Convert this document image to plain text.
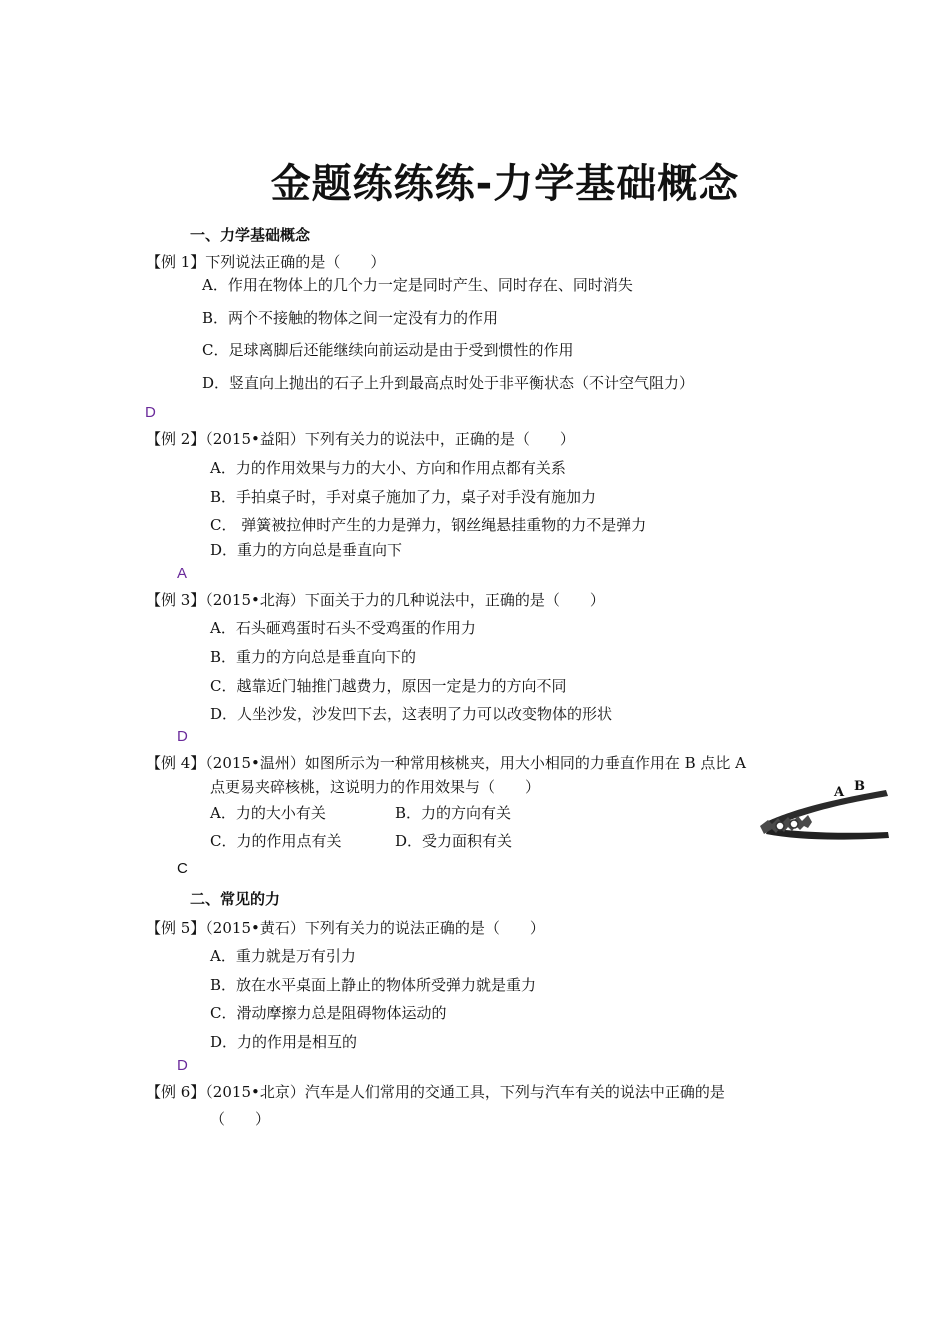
金题练练练-力学基础概念
一、力学基础概念
【例 1】下列说法正确的是（　　）
A．作用在物体上的几个力一定是同时产生、同时存在、同时消失
B．两个不接触的物体之间一定没有力的作用
C．足球离脚后还能继续向前运动是由于受到惯性的作用
D．竖直向上抛出的石子上升到最高点时处于非平衡状态（不计空气阻力）
D
【例 2】（2015•益阳）下列有关力的说法中，正确的是（　　）
A．力的作用效果与力的大小、方向和作用点都有关系
B．手拍桌子时，手对桌子施加了力，桌子对手没有施加力
C． 弹簧被拉伸时产生的力是弹力，钢丝绳悬挂重物的力不是弹力
D．重力的方向总是垂直向下
A
【例 3】（2015•北海）下面关于力的几种说法中，正确的是（　　）
A．石头砸鸡蛋时石头不受鸡蛋的作用力
B．重力的方向总是垂直向下的
C．越靠近门轴推门越费力，原因一定是力的方向不同
D．人坐沙发，沙发凹下去，这表明了力可以改变物体的形状
D
【例 4】（2015•温州）如图所示为一种常用核桃夹，用大小相同的力垂直作用在 B 点比 A
点更易夹碎核桃，这说明力的作用效果与（　　）
A．力的大小有关	B．力的方向有关
C．力的作用点有关	D．受力面积有关
C
A B
二、常见的力
【例 5】（2015•黄石）下列有关力的说法正确的是（　　）
A．重力就是万有引力
B．放在水平桌面上静止的物体所受弹力就是重力
C．滑动摩擦力总是阻碍物体运动的
D．力的作用是相互的
D
【例 6】（2015•北京）汽车是人们常用的交通工具，下列与汽车有关的说法中正确的是
（　　）
